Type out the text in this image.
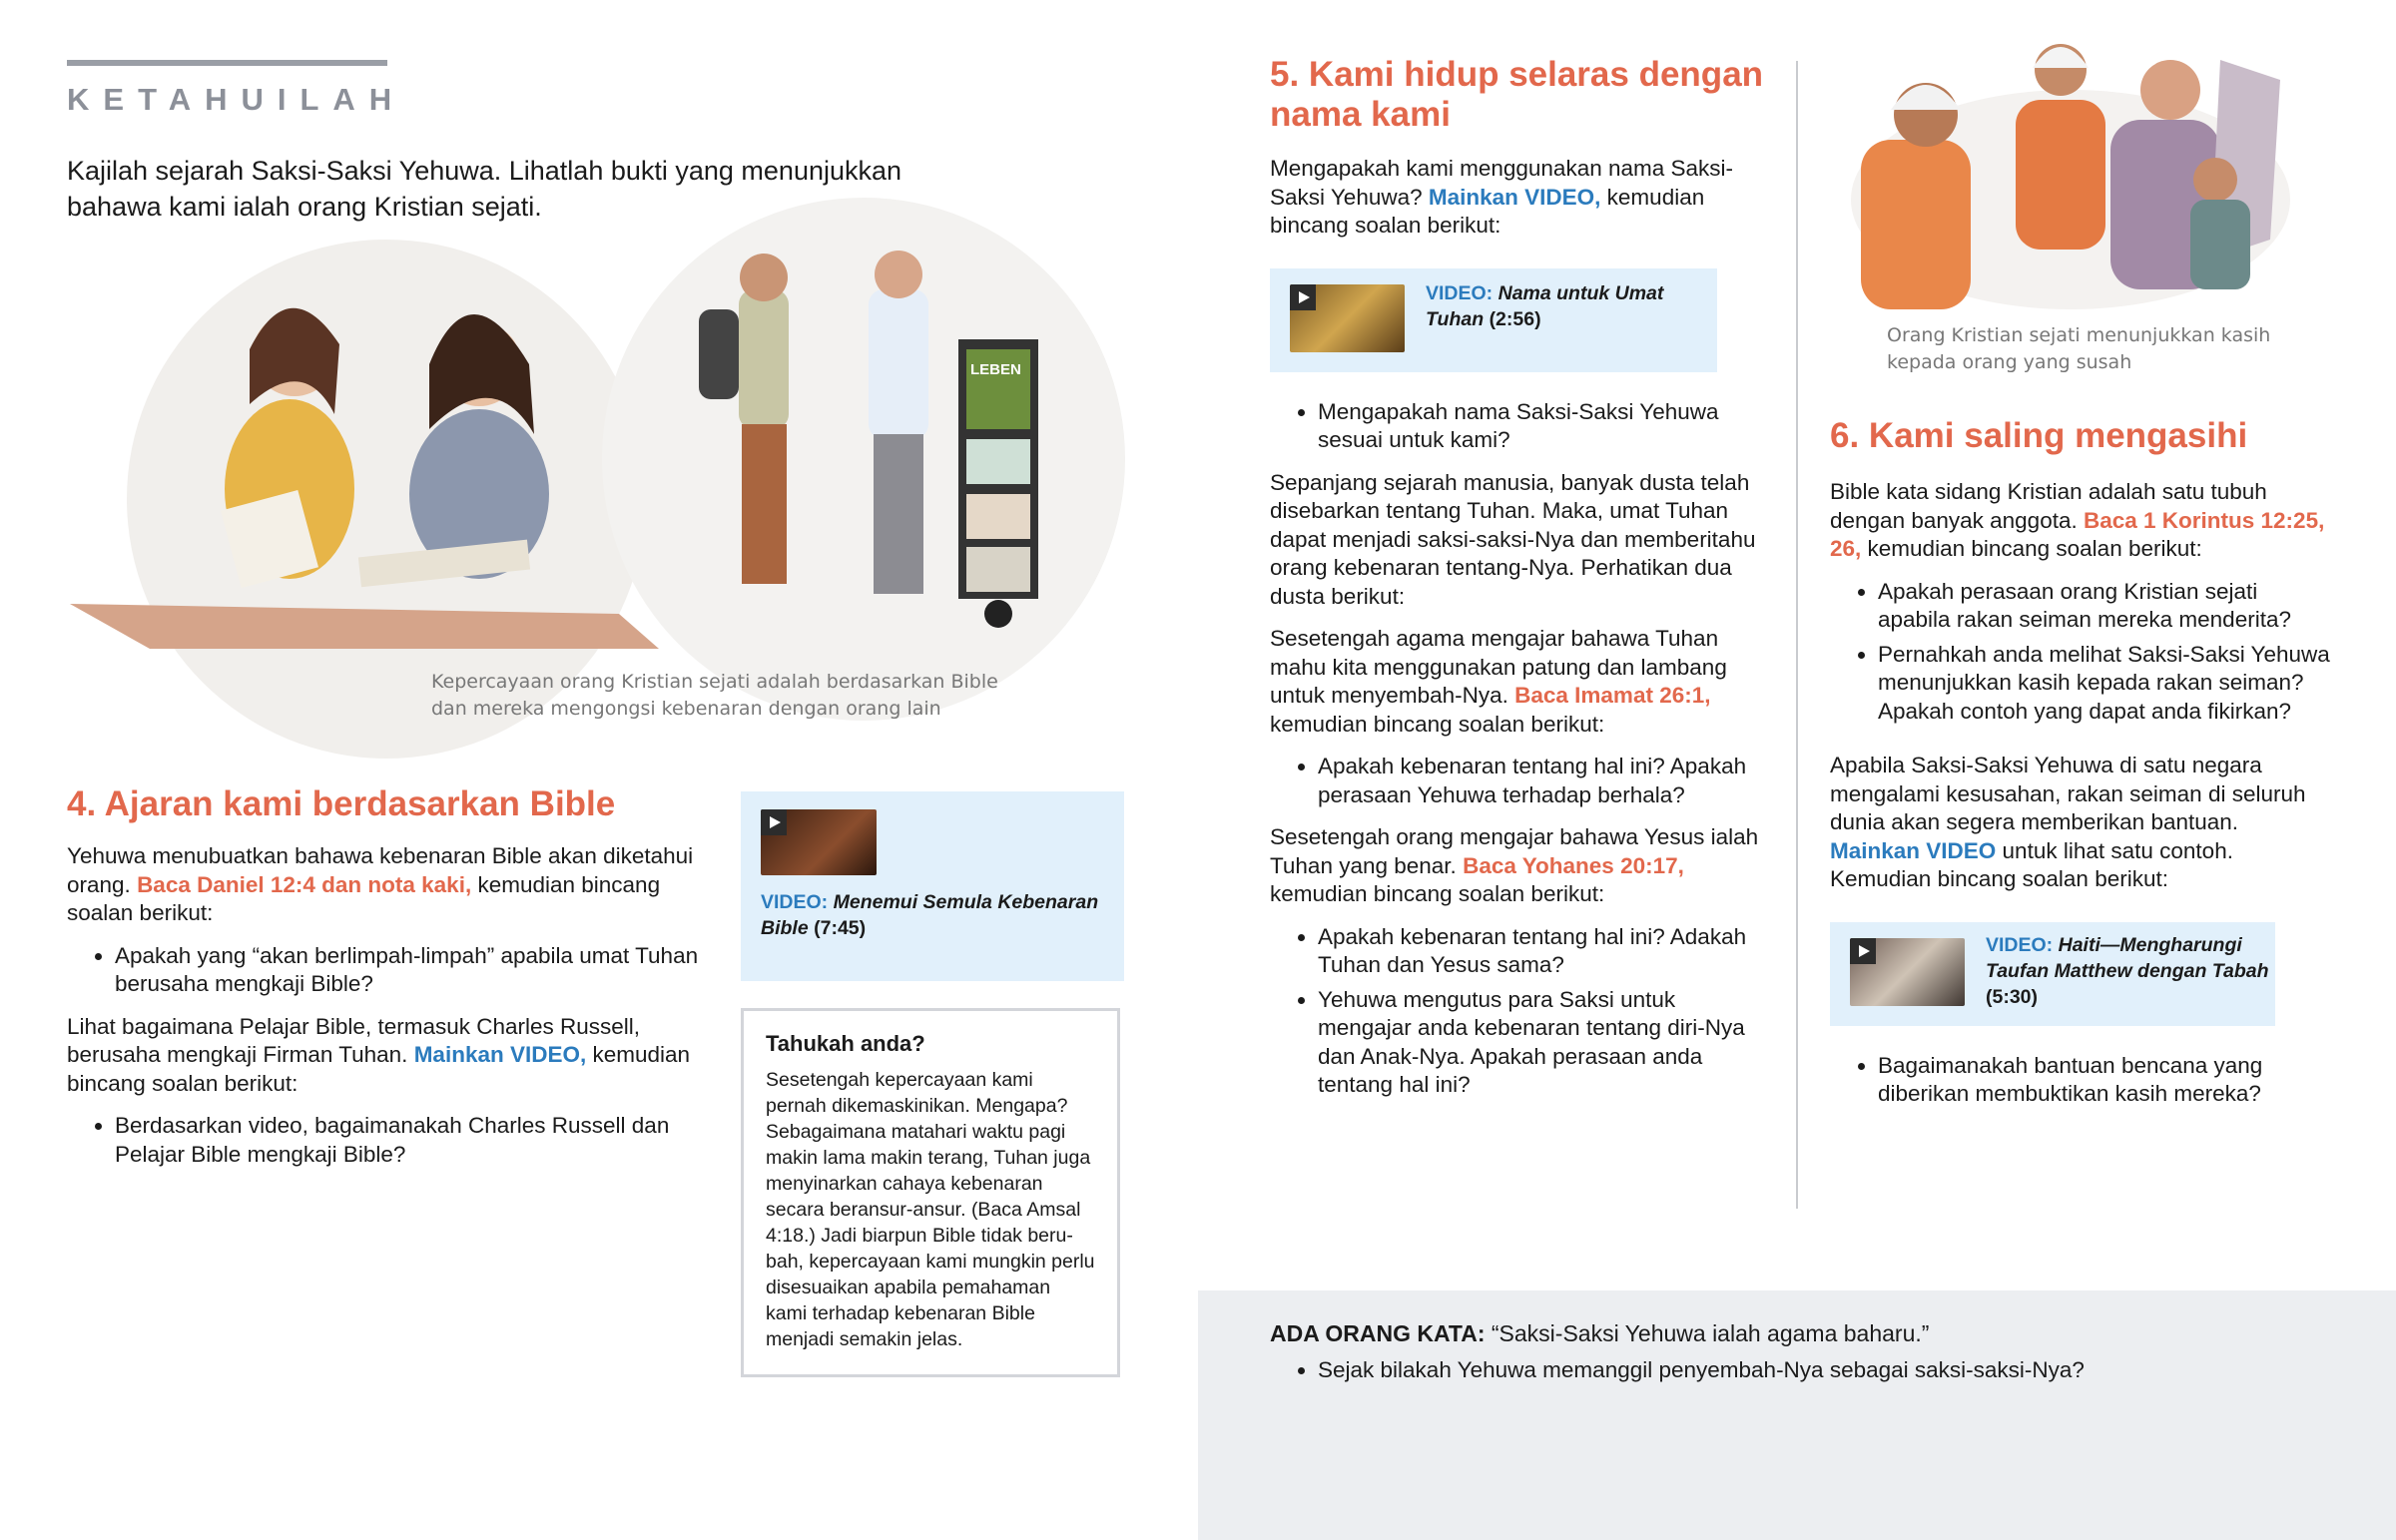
KETAHUILAH
Kajilah sejarah Saksi-Saksi Yehuwa. Lihatlah bukti yang menunjukkan bahawa kami ialah orang Kristian sejati.
LEBEN
Kepercayaan orang Kristian sejati adalah berdasarkan Bible
dan mereka mengongsi kebenaran dengan orang lain
4. Ajaran kami berdasarkan Bible

Yehuwa menubuatkan bahawa kebenaran Bible akan diketahui orang. Baca Daniel 12:4 dan nota kaki, kemudian bincang soalan berikut:

• Apakah yang “akan berlimpah-limpah” apabila umat Tuhan berusaha mengkaji Bible?

Lihat bagaimana Pelajar Bible, termasuk Charles Russell, berusaha mengkaji Firman Tuhan. Mainkan VIDEO, kemudian bincang soalan berikut:

• Berdasarkan video, bagaimanakah Charles Russell dan Pelajar Bible mengkaji Bible?
VIDEO: Menemui Semula Kebenaran Bible (7:45)
Tahukah anda?
Sesetengah kepercayaan kami pernah dikemaskinikan. Mengapa? Sebagaimana matahari waktu pagi makin lama makin terang, Tuhan juga menyinarkan cahaya kebenaran secara beransur-ansur. (Baca Amsal 4:18.) Jadi biarpun Bible tidak berubah, kepercayaan kami mungkin perlu disesuaikan apabila pemahaman kami terhadap kebenaran Bible menjadi semakin jelas.
5. Kami hidup selaras dengan nama kami

Mengapakah kami menggunakan nama Saksi-Saksi Yehuwa? Mainkan VIDEO, kemudian bincang soalan berikut:

VIDEO: Nama untuk Umat Tuhan (2:56)
• Mengapakah nama Saksi-Saksi Yehuwa sesuai untuk kami?

Sepanjang sejarah manusia, banyak dusta telah disebarkan tentang Tuhan. Maka, umat Tuhan dapat menjadi saksi-saksi-Nya dan memberitahu orang kebenaran tentang-Nya. Perhatikan dua dusta berikut:

Sesetengah agama mengajar bahawa Tuhan mahu kita menggunakan patung dan lambang untuk menyembah-Nya. Baca Imamat 26:1, kemudian bincang soalan berikut:

• Apakah kebenaran tentang hal ini? Apakah perasaan Yehuwa terhadap berhala?

Sesetengah orang mengajar bahawa Yesus ialah Tuhan yang benar. Baca Yohanes 20:17, kemudian bincang soalan berikut:

• Apakah kebenaran tentang hal ini? Adakah Tuhan dan Yesus sama?
• Yehuwa mengutus para Saksi untuk mengajar anda kebenaran tentang diri-Nya dan Anak-Nya. Apakah perasaan anda tentang hal ini?
Orang Kristian sejati menunjukkan kasih kepada orang yang susah
6. Kami saling mengasihi

Bible kata sidang Kristian adalah satu tubuh dengan banyak anggota. Baca 1 Korintus 12:25, 26, kemudian bincang soalan berikut:

• Apakah perasaan orang Kristian sejati apabila rakan seiman mereka menderita?
• Pernahkah anda melihat Saksi-Saksi Yehuwa menunjukkan kasih kepada rakan seiman? Apakah contoh yang dapat anda fikirkan?

Apabila Saksi-Saksi Yehuwa di satu negara mengalami kesusahan, rakan seiman di seluruh dunia akan segera memberikan bantuan. Mainkan VIDEO untuk lihat satu contoh. Kemudian bincang soalan berikut:

VIDEO: Haiti—Mengharungi Taufan Matthew dengan Tabah (5:30)
• Bagaimanakah bantuan bencana yang diberikan membuktikan kasih mereka?

ADA ORANG KATA: “Saksi-Saksi Yehuwa ialah agama baharu.”

• Sejak bilakah Yehuwa memanggil penyembah-Nya sebagai saksi-saksi-Nya?
